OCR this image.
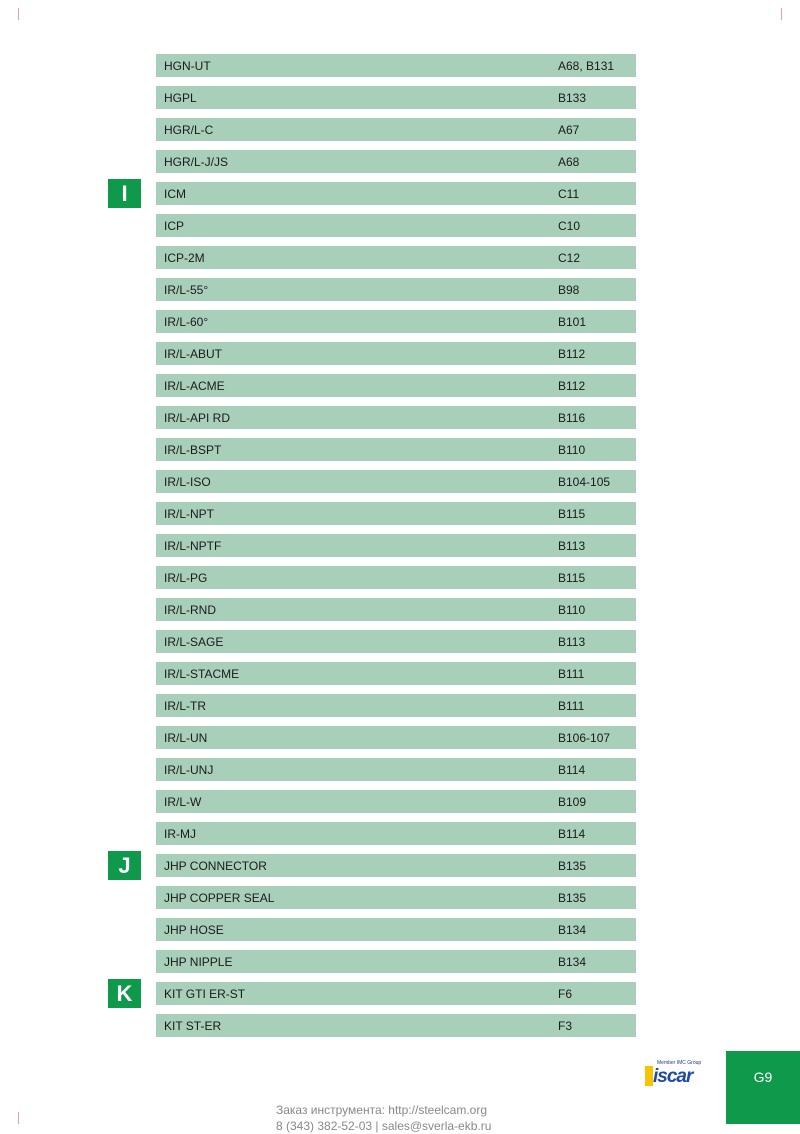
HGN-UT	A68, B131
HGPL	B133
HGR/L-C	A67
HGR/L-J/JS	A68
ICM	C11
ICP	C10
ICP-2M	C12
IR/L-55°	B98
IR/L-60°	B101
IR/L-ABUT	B112
IR/L-ACME	B112
IR/L-API RD	B116
IR/L-BSPT	B110
IR/L-ISO	B104-105
IR/L-NPT	B115
IR/L-NPTF	B113
IR/L-PG	B115
IR/L-RND	B110
IR/L-SAGE	B113
IR/L-STACME	B111
IR/L-TR	B111
IR/L-UN	B106-107
IR/L-UNJ	B114
IR/L-W	B109
IR-MJ	B114
JHP CONNECTOR	B135
JHP COPPER SEAL	B135
JHP HOSE	B134
JHP NIPPLE	B134
KIT GTI ER-ST	F6
KIT ST-ER	F3
I
J
K
Member IMC Group
iscar	G9
Заказ инструмента: http://steelcam.org
8 (343) 382-52-03 | sales@sverla-ekb.ru
